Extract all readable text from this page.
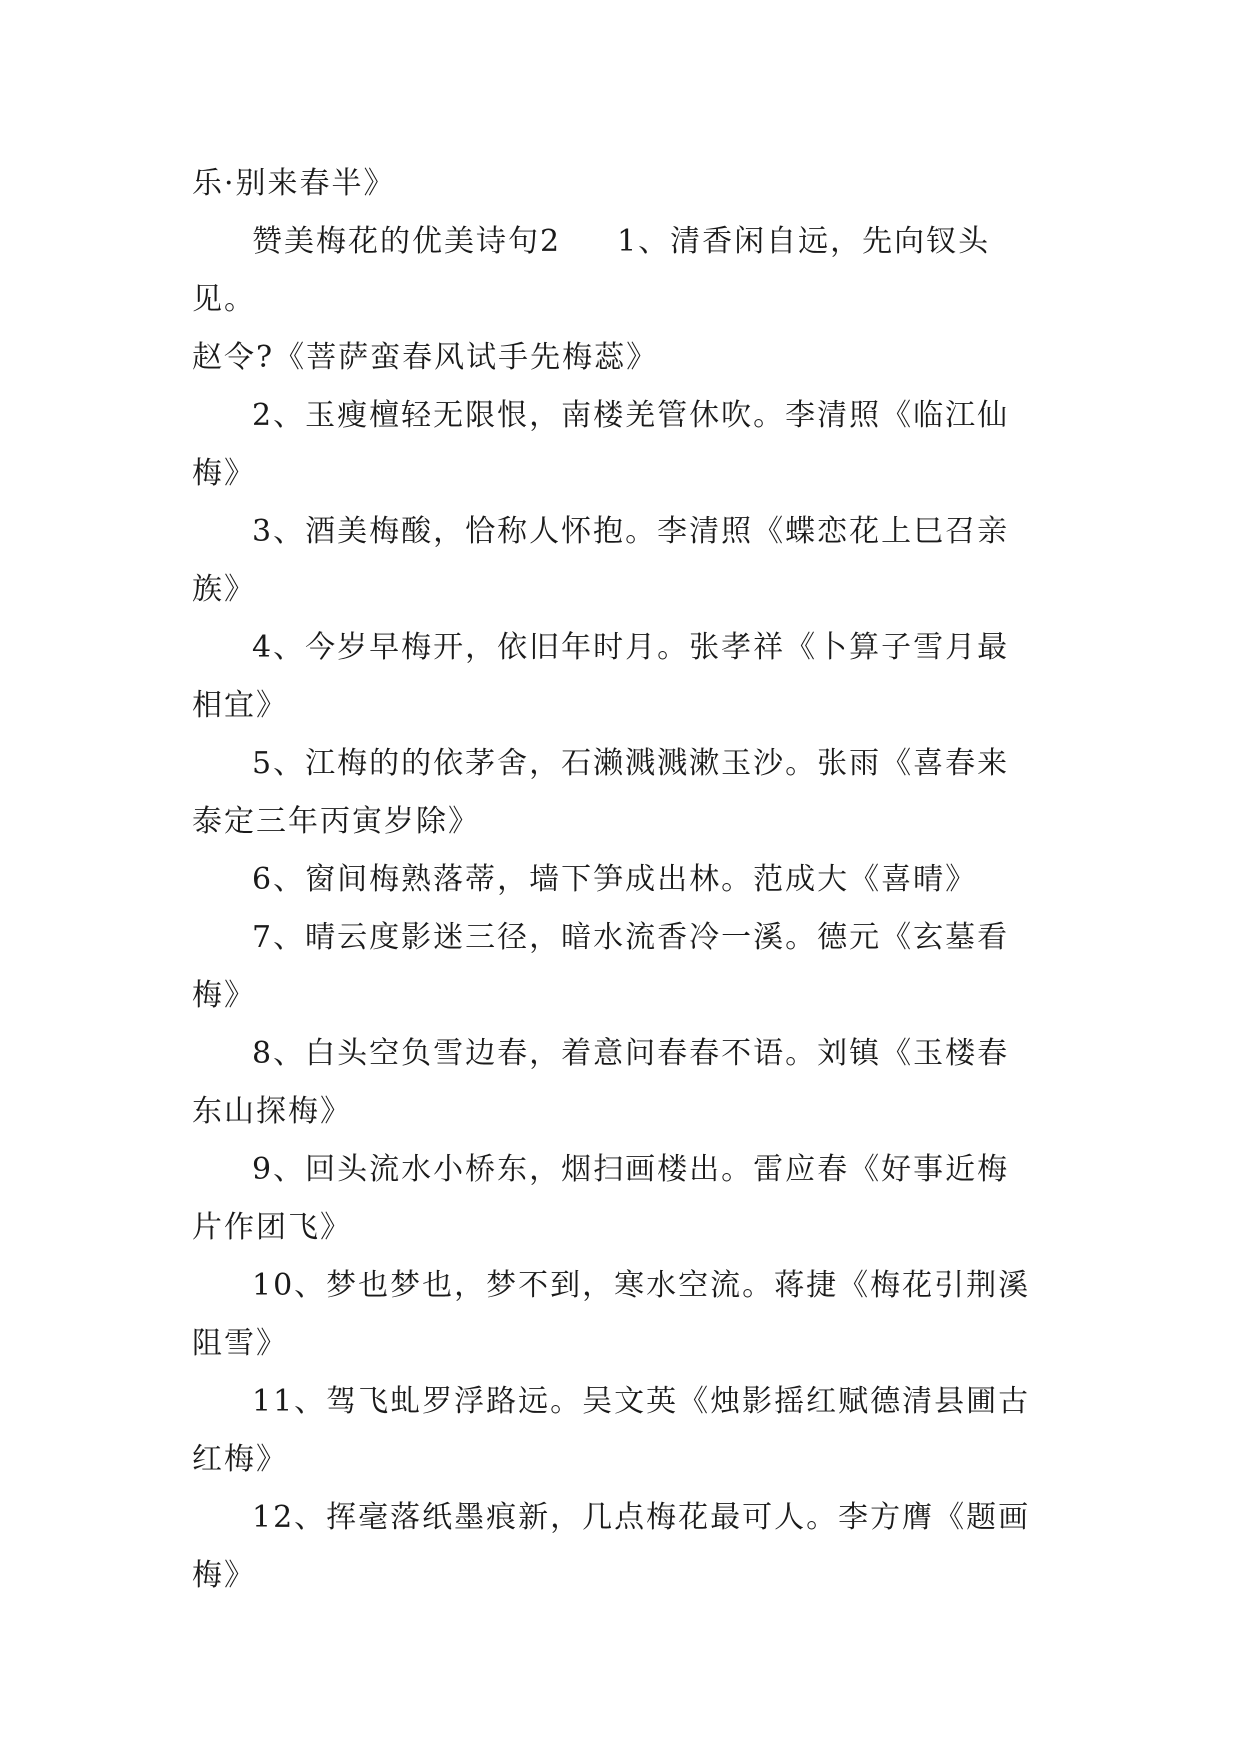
乐·别来春半》

赞美梅花的优美诗句2 1、清香闲自远，先向钗头见。

赵令?《菩萨蛮春风试手先梅蕊》

2、玉瘦檀轻无限恨，南楼羌管休吹。李清照《临江仙

梅》

3、酒美梅酸，恰称人怀抱。李清照《蝶恋花上巳召亲

族》

4、今岁早梅开，依旧年时月。张孝祥《卜算子雪月最

相宜》

5、江梅的的依茅舍，石濑溅溅漱玉沙。张雨《喜春来

泰定三年丙寅岁除》

6、窗间梅熟落蒂，墙下笋成出林。范成大《喜晴》

7、晴云度影迷三径，暗水流香冷一溪。德元《玄墓看

梅》

8、白头空负雪边春，着意问春春不语。刘镇《玉楼春

东山探梅》

9、回头流水小桥东，烟扫画楼出。雷应春《好事近梅

片作团飞》

10、梦也梦也，梦不到，寒水空流。蒋捷《梅花引荆溪

阻雪》

11、驾飞虬罗浮路远。吴文英《烛影摇红赋德清县圃古

红梅》

12、挥毫落纸墨痕新，几点梅花最可人。李方膺《题画

梅》
